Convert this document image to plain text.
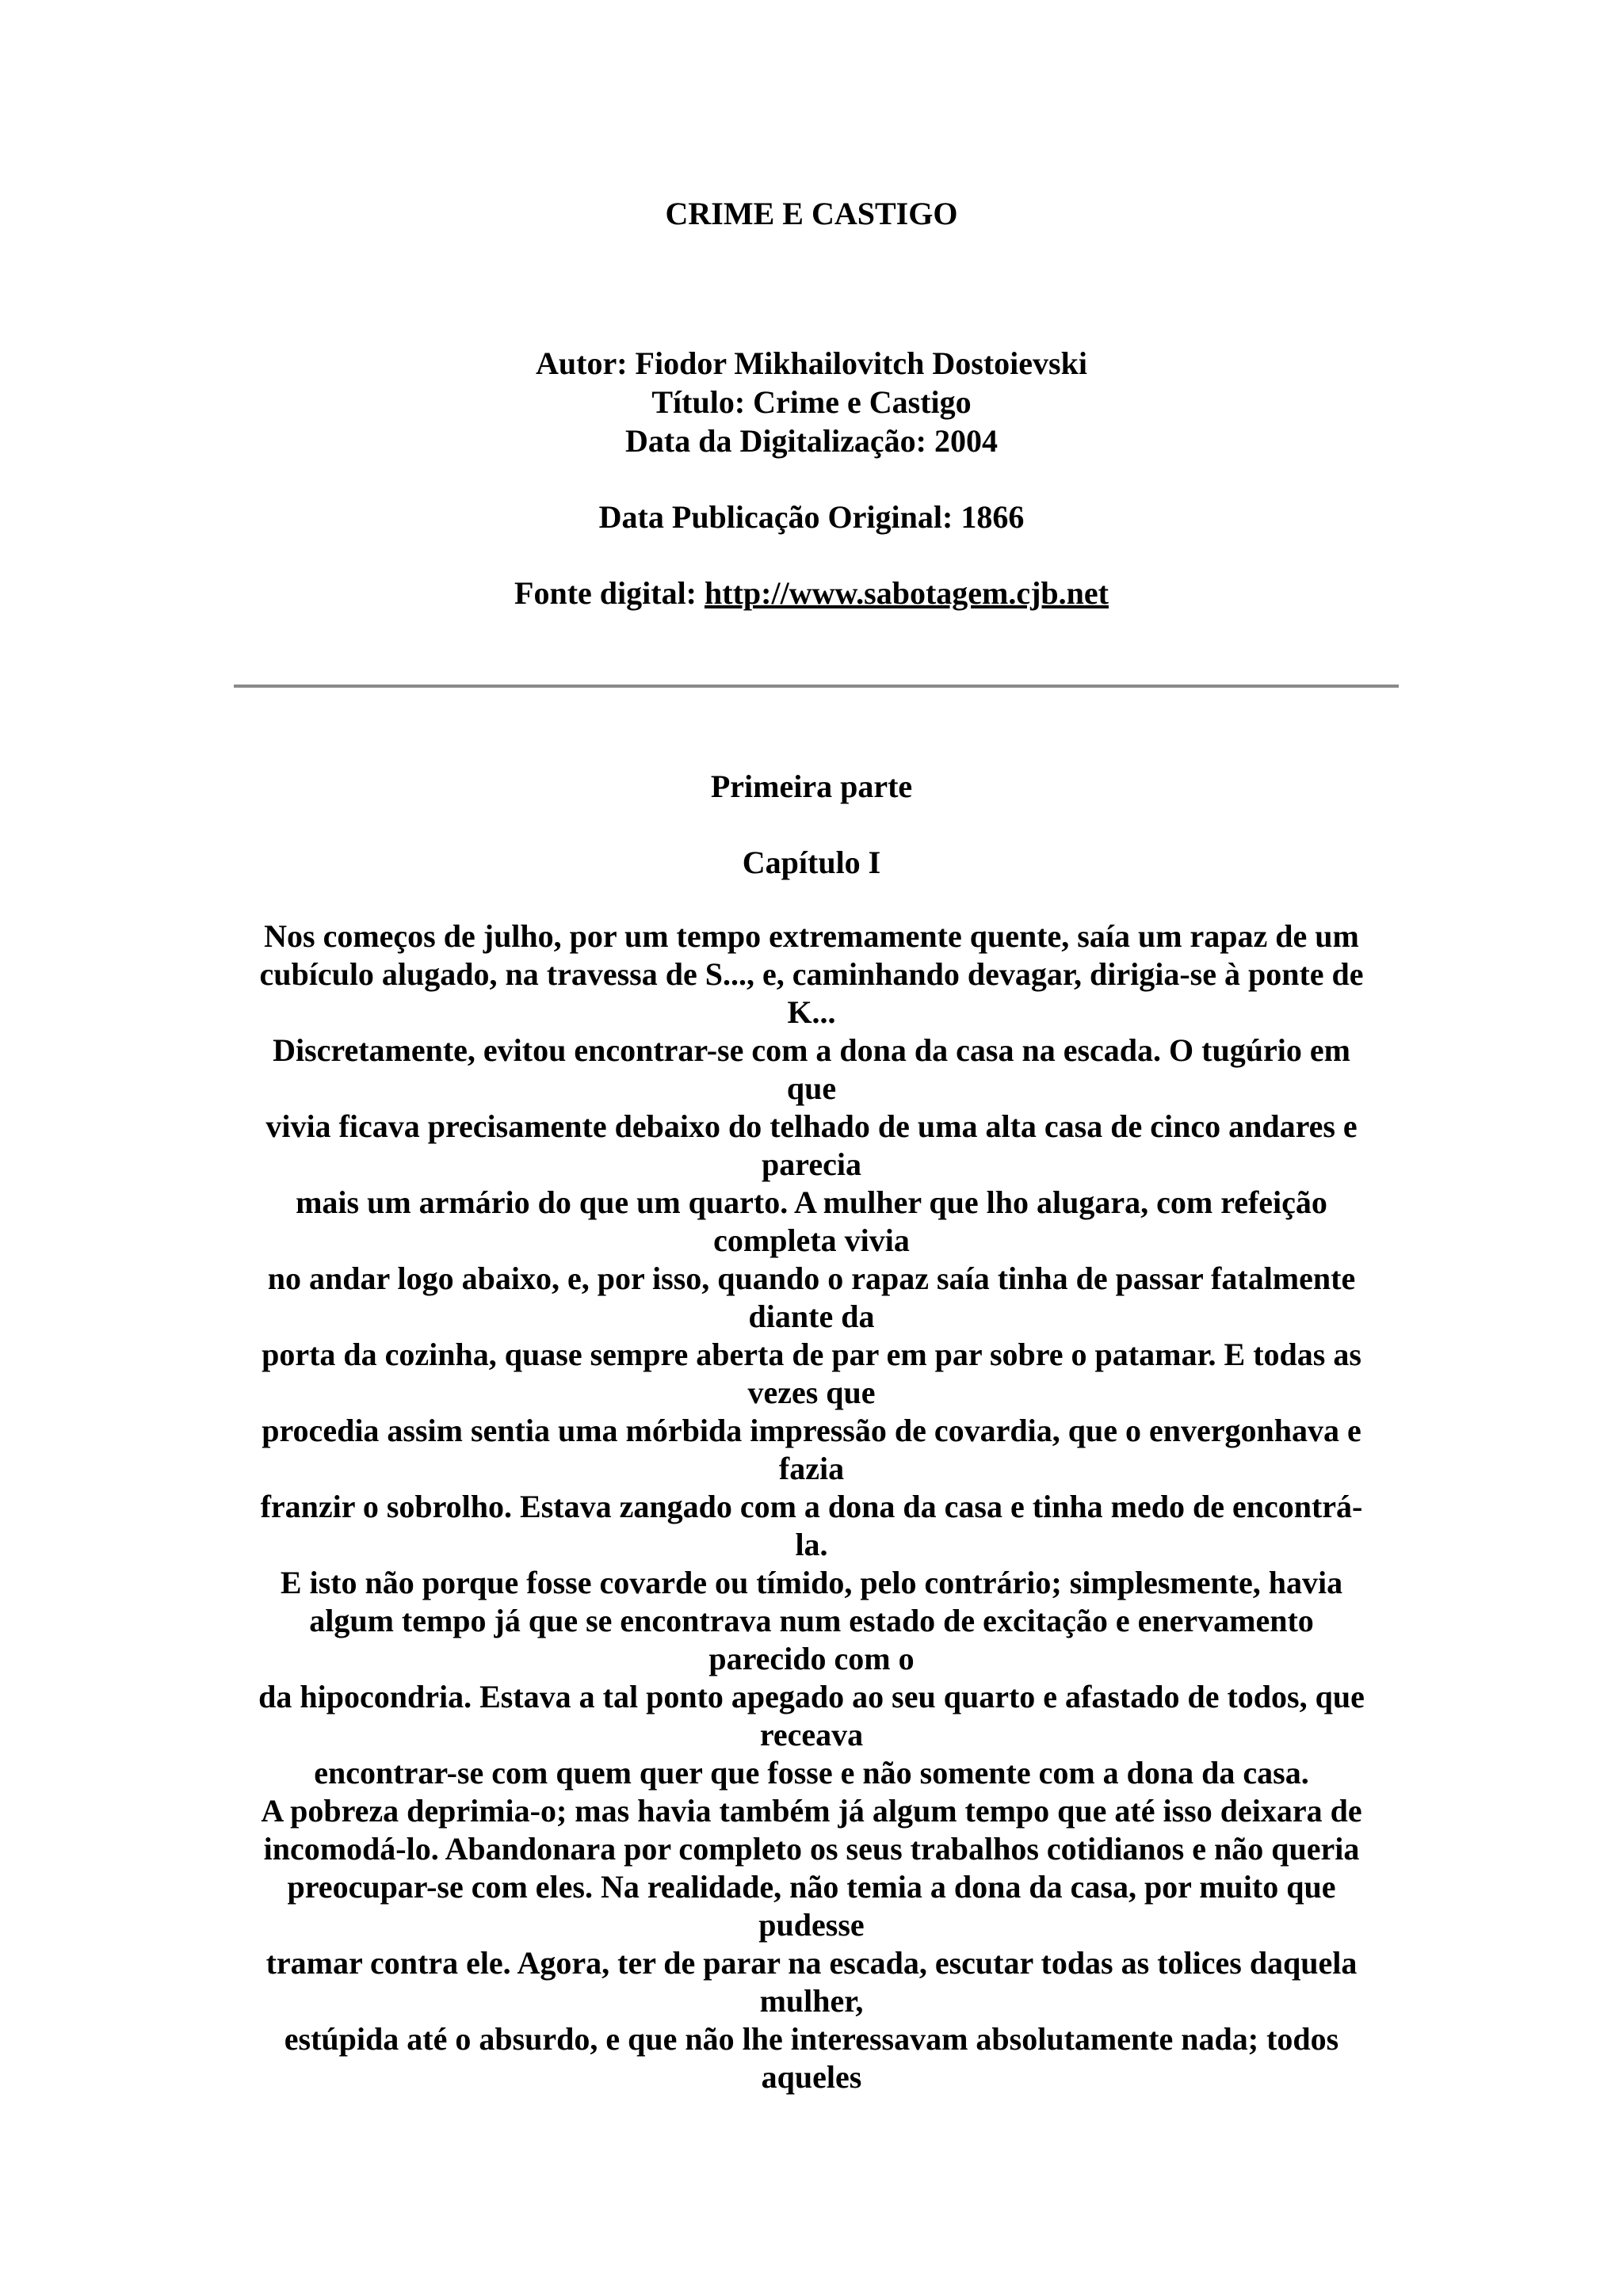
CRIME E CASTIGO
Autor: Fiodor Mikhailovitch Dostoievski
Título: Crime e Castigo
Data da Digitalização: 2004
Data Publicação Original: 1866
Fonte digital: http://www.sabotagem.cjb.net
Primeira parte
Capítulo I
Nos começos de julho, por um tempo extremamente quente, saía um rapaz de um
cubículo alugado, na travessa de S..., e, caminhando devagar, dirigia-se à ponte de
K...
Discretamente, evitou encontrar-se com a dona da casa na escada. O tugúrio em
que
vivia ficava precisamente debaixo do telhado de uma alta casa de cinco andares e
parecia
mais um armário do que um quarto. A mulher que lho alugara, com refeição
completa vivia
no andar logo abaixo, e, por isso, quando o rapaz saía tinha de passar fatalmente
diante da
porta da cozinha, quase sempre aberta de par em par sobre o patamar. E todas as
vezes que
procedia assim sentia uma mórbida impressão de covardia, que o envergonhava e
fazia
franzir o sobrolho. Estava zangado com a dona da casa e tinha medo de encontrá-
la.
E isto não porque fosse covarde ou tímido, pelo contrário; simplesmente, havia
algum tempo já que se encontrava num estado de excitação e enervamento
parecido com o
da hipocondria. Estava a tal ponto apegado ao seu quarto e afastado de todos, que
receava
encontrar-se com quem quer que fosse e não somente com a dona da casa.
A pobreza deprimia-o; mas havia também já algum tempo que até isso deixara de
incomodá-lo. Abandonara por completo os seus trabalhos cotidianos e não queria
preocupar-se com eles. Na realidade, não temia a dona da casa, por muito que
pudesse
tramar contra ele. Agora, ter de parar na escada, escutar todas as tolices daquela
mulher,
estúpida até o absurdo, e que não lhe interessavam absolutamente nada; todos
aqueles
